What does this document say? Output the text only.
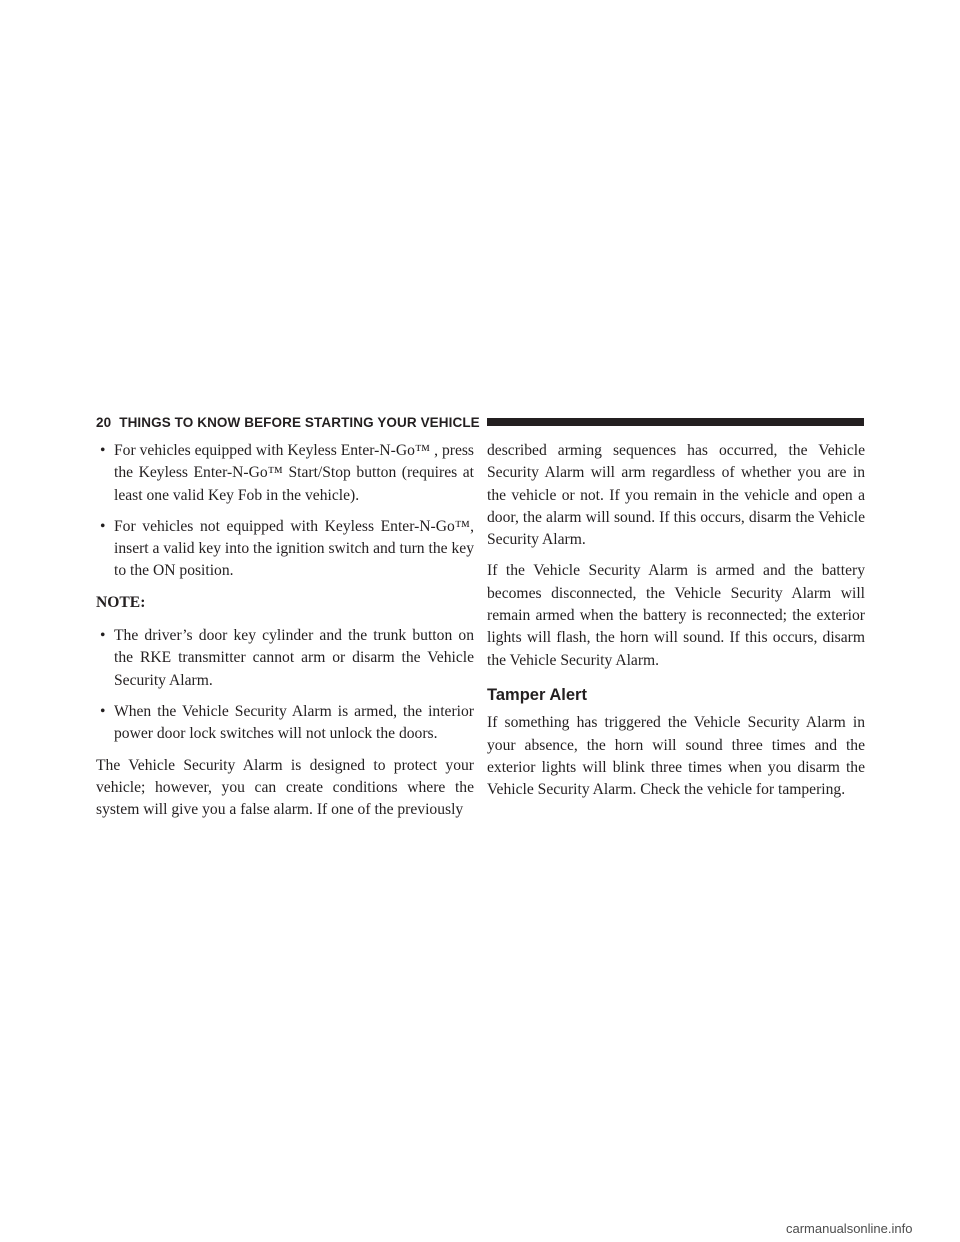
20 THINGS TO KNOW BEFORE STARTING YOUR VEHICLE
• For vehicles equipped with Keyless Enter-N-Go™ , press the Keyless Enter-N-Go™ Start/Stop button (requires at least one valid Key Fob in the vehicle).
• For vehicles not equipped with Keyless Enter-N-Go™, insert a valid key into the ignition switch and turn the key to the ON position.
NOTE:
• The driver’s door key cylinder and the trunk button on the RKE transmitter cannot arm or disarm the Vehicle Security Alarm.
• When the Vehicle Security Alarm is armed, the interior power door lock switches will not unlock the doors.

The Vehicle Security Alarm is designed to protect your vehicle; however, you can create conditions where the system will give you a false alarm. If one of the previously

described arming sequences has occurred, the Vehicle Security Alarm will arm regardless of whether you are in the vehicle or not. If you remain in the vehicle and open a door, the alarm will sound. If this occurs, disarm the Vehicle Security Alarm.

If the Vehicle Security Alarm is armed and the battery becomes disconnected, the Vehicle Security Alarm will remain armed when the battery is reconnected; the exterior lights will flash, the horn will sound. If this occurs, disarm the Vehicle Security Alarm.

Tamper Alert

If something has triggered the Vehicle Security Alarm in your absence, the horn will sound three times and the exterior lights will blink three times when you disarm the Vehicle Security Alarm. Check the vehicle for tampering.

carmanualsonline.info
